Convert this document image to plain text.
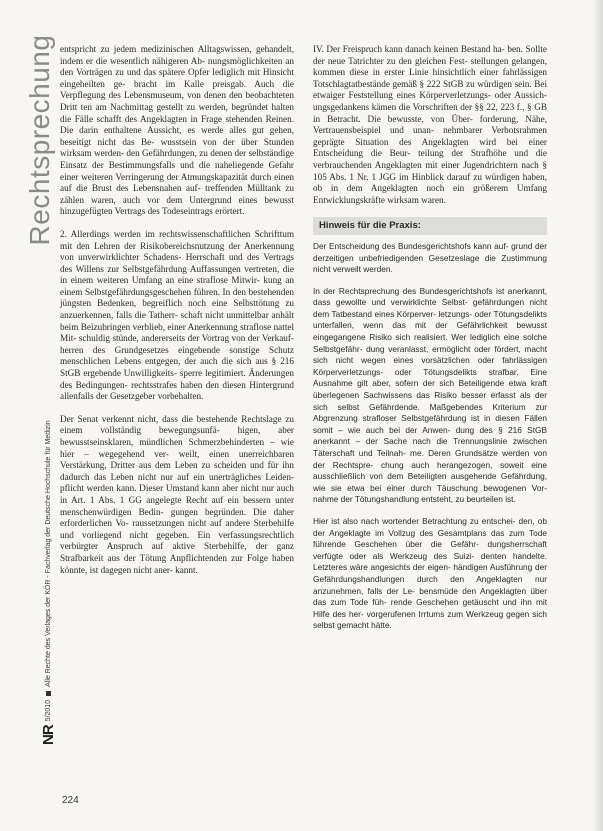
Rechtsprechung
NR
5/2010
Alle Rechte des Verlages der KÖR - Fachverlag der Deutsche Hochschule für Medizin

entspricht zu jedem medizinischen Alltagswissen, gehandelt, indem er die wesentlich nähigeren Ab- nungsmöglichkeiten an den Vorträgen zu und das spätere Opfer lediglich mit Hinsicht eingeheilten ge- bracht im Kalle preisgab. Auch die Verpflegung des Lebensmuseum, von denen den beobachteten Dritt ten am Nachmittag gestellt zu werden, begründet halten die Fälle schafft des Angeklagten in Frage stehenden Reinen. Die darin enthaltene Aussicht, es werde alles gut gehen, beseitigt nicht das Be- wusstsein von der über Stunden wirksam werden- den Gefährdungen, zu denen der selbständige Einsatz der Bestimmungsfalls und die naheliegende Gefahr einer weiteren Verringerung der Atmungskapazität durch einen auf die Brust des Lebensnahen auf- treffenden Mülltank zu zählen waren, auch vor dem Untergrund eines bewusst hinzugefügten Vertrags des Todeseintrags erörtert.

2. Allerdings werden im rechtswissenschaftlichen Schrifttum mit den Lehren der Risikobereichsnutzung der Anerkennung von unverwirklichter Schadens- Herrschaft und des Vertrags des Willens zur Selbstgefährdung Auffassungen vertreten, die in einem weiteren Umfang an eine straflose Mitwir- kung an einem Selbstgefährdungsgeschehen führen. In den bestehenden jüngsten Bedenken, begreiflich noch eine Selbsttötung zu anzuerkennen, falls die Tatherr- schaft nicht unmittelbar anhält beim Beizubringen verblieb, einer Anerkennung straflose nattel Mit- schuldig stünde, andererseits der Vortrag von der Verkauf- herren des Grundgesetzes eingebende sonstige Schutz menschlichen Lebens entgegen, der auch die sich aus § 216 StGB ergebende Unwilligkeits- sperre legitimiert. Änderungen des Bedingungen- rechtsstrafes haben den diesen Hintergrund allenfalls der Gesetzgeber vorbehalten.

Der Senat verkennt nicht, dass die bestehende Rechtslage zu einem vollständig bewegungsunfä- higen, aber bewusstseinsklaren, mündlichen Schmerzbehinderten – wie hier – wegegehend ver- weilt, einen unerreichbaren Verstärkung, Dritter aus dem Leben zu scheiden und für ihn dadurch das Leben nicht nur auf ein unerträgliches Leiden- pflicht werden kann. Dieser Umstand kann aber nicht nur auch in Art. 1 Abs. 1 GG angelegte Recht auf ein bessern unter menschenwürdigen Bedin- gungen begründen. Die daher erforderlichen Vo- raussetzungen nicht auf andere Sterbehilfe und vorliegend nicht gegeben. Ein verfassungsrechtlich verbürgter Anspruch auf aktive Sterbehilfe, der ganz Strafbarkeit aus der Tötung Anpflichtenden zur Folge haben könnte, ist dagegen nicht aner- kannt.

IV. Der Freispruch kann danach keinen Bestand ha- ben. Sollte der neue Tatrichter zu den gleichen Fest- stellungen gelangen, kommen diese in erster Linie hinsichtlich einer fahrlässigen Totschlagtatbestände gemäß § 222 StGB zu würdigen sein. Bei etwaiger Feststellung eines Körperverletzungs- oder Aussich- ungsgedankens kämen die Vorschriften der §§ 22, 223 f., § GB in Betracht. Die bewusste, von Über- forderung, Nähe, Vertrauensbeispiel und unan- nehmbarer Verbotsrahmen geprägte Situation des Angeklagten wird bei einer Entscheidung die Beur- teilung der Strafhöhe und die verbrauchenden Angeklagten mit einer Jugendrichtern nach § 105 Abs. 1 Nr. 1 JGG im Hinblick darauf zu würdigen haben, ob in dem Angeklagten noch ein größerem Umfang Entwicklungskräfte wirksam waren.

Hinweis für die Praxis:

Der Entscheidung des Bundesgerichtshofs kann auf- grund der derzeitigen unbefriedigenden Gesetzeslage die Zustimmung nicht verweilt werden.

In der Rechtsprechung des Bundesgerichtshofs ist anerkannt, dass gewollte und verwirklichte Selbst- gefährdungen nicht dem Tatbestand eines Körperver- letzungs- oder Tötungsdelikts unterfallen, wenn das mit der Gefährlichkeit bewusst eingegangene Risiko sich realisiert. Wer lediglich eine solche Selbstgefähr- dung veranlasst, ermöglicht oder fördert, macht sich nicht wegen eines vorsätzlichen oder fahrlässigen Körperverletzungs- oder Tötungsdelikts strafbar. Eine Ausnahme gilt aber, sofern der sich Beteiligende etwa kraft überlegenen Sachwissens das Risiko besser erfasst als der sich selbst Gefährdende. Maßgebendes Kriterium zur Abgrenzung strafloser Selbstgefährdung ist in diesen Fällen somit – wie auch bei der Anwen- dung des § 216 StGB anerkannt – der Sache nach die Trennungslinie zwischen Täterschaft und Teilnah- me. Deren Grundsätze werden von der Rechtspre- chung auch herangezogen, soweit eine ausschließlich von dem Beteiligten ausgehende Gefährdung, wie sie etwa bei einer durch Täuschung bewogenen Vor- nahme der Tötungshandlung entsteht, zu beurteilen ist.

Hier ist also nach wortender Betrachtung zu entschei- den, ob der Angeklagte im Vollzug des Gesamtplans das zum Tode führende Geschehen über die Gefähr- dungsherrschaft verfügte oder als Werkzeug des Suizi- denten handelte. Letzteres wäre angesichts der eigen- händigen Ausführung der Gefährdungshandlungen durch den Angeklagten nur anzunehmen, falls der Le- bensmüde den Angeklagten über das zum Tode füh- rende Geschehen getäuscht und ihn mit Hilfe des her- vorgerufenen Irrtums zum Werkzeug gegen sich selbst gemacht hätte.

224
